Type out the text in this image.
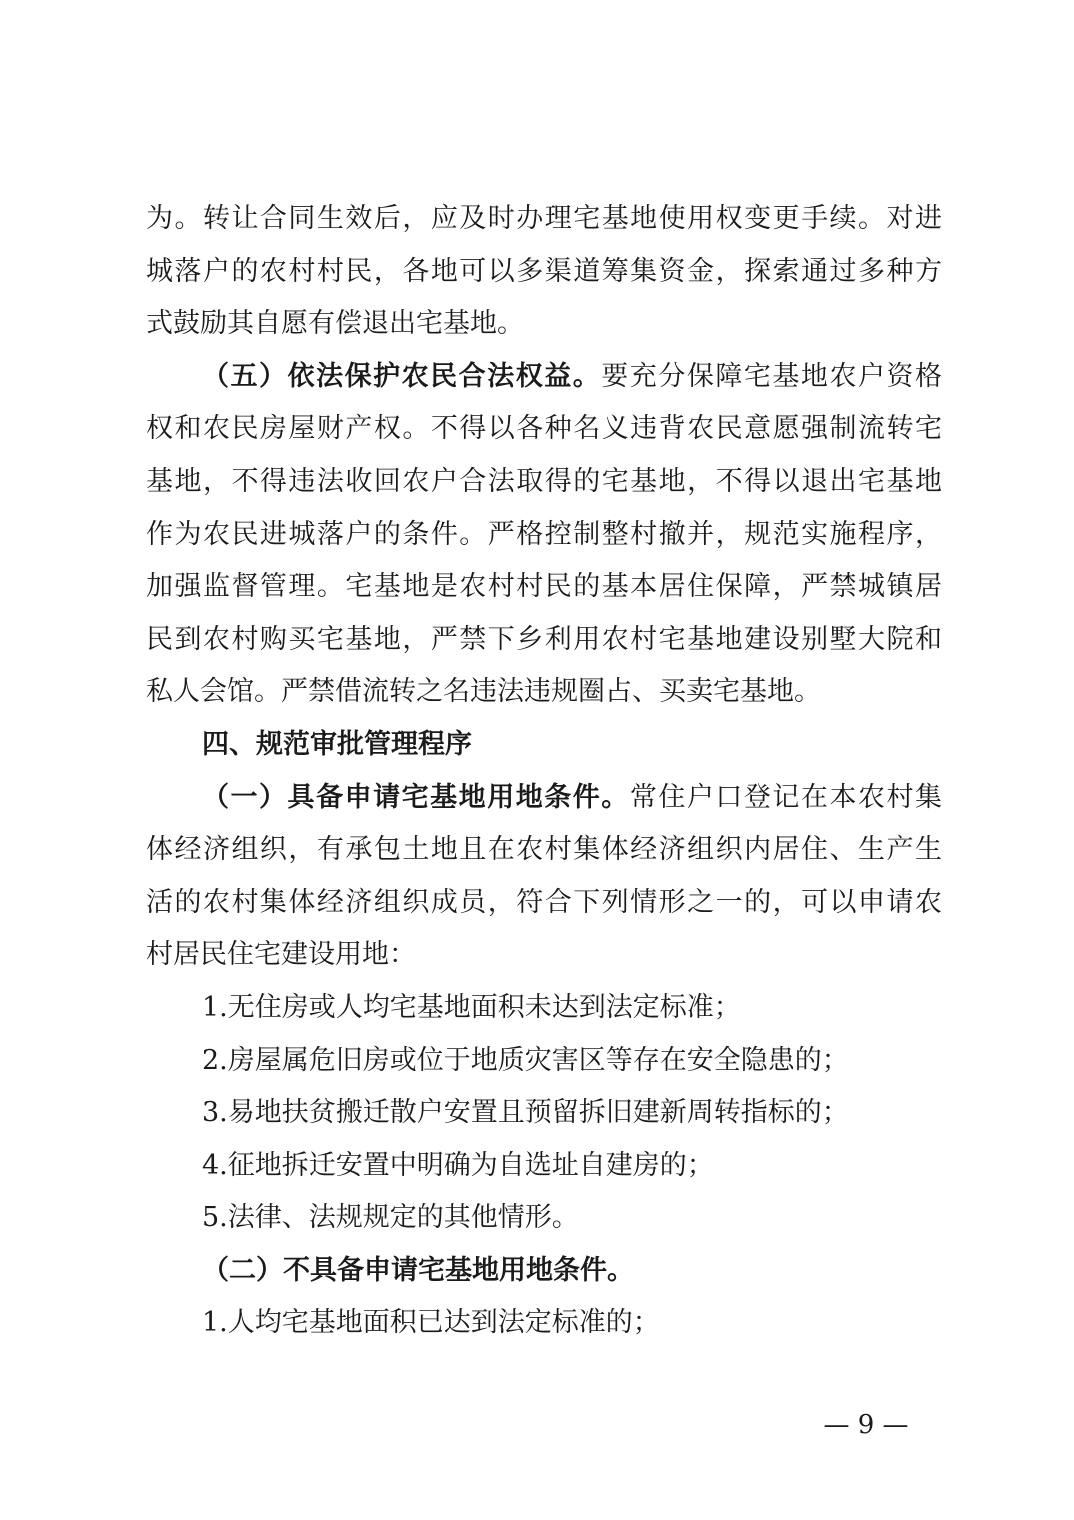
为。转让合同生效后，应及时办理宅基地使用权变更手续。对进
城落户的农村村民，各地可以多渠道筹集资金，探索通过多种方
式鼓励其自愿有偿退出宅基地。
（五）依法保护农民合法权益。要充分保障宅基地农户资格
权和农民房屋财产权。不得以各种名义违背农民意愿强制流转宅
基地，不得违法收回农户合法取得的宅基地，不得以退出宅基地
作为农民进城落户的条件。严格控制整村撤并，规范实施程序，
加强监督管理。宅基地是农村村民的基本居住保障，严禁城镇居
民到农村购买宅基地，严禁下乡利用农村宅基地建设别墅大院和
私人会馆。严禁借流转之名违法违规圈占、买卖宅基地。
四、规范审批管理程序
（一）具备申请宅基地用地条件。常住户口登记在本农村集
体经济组织，有承包土地且在农村集体经济组织内居住、生产生
活的农村集体经济组织成员，符合下列情形之一的，可以申请农
村居民住宅建设用地：
1.无住房或人均宅基地面积未达到法定标准；
2.房屋属危旧房或位于地质灾害区等存在安全隐患的；
3.易地扶贫搬迁散户安置且预留拆旧建新周转指标的；
4.征地拆迁安置中明确为自选址自建房的；
5.法律、法规规定的其他情形。
（二）不具备申请宅基地用地条件。
1.人均宅基地面积已达到法定标准的；
— 9 —
